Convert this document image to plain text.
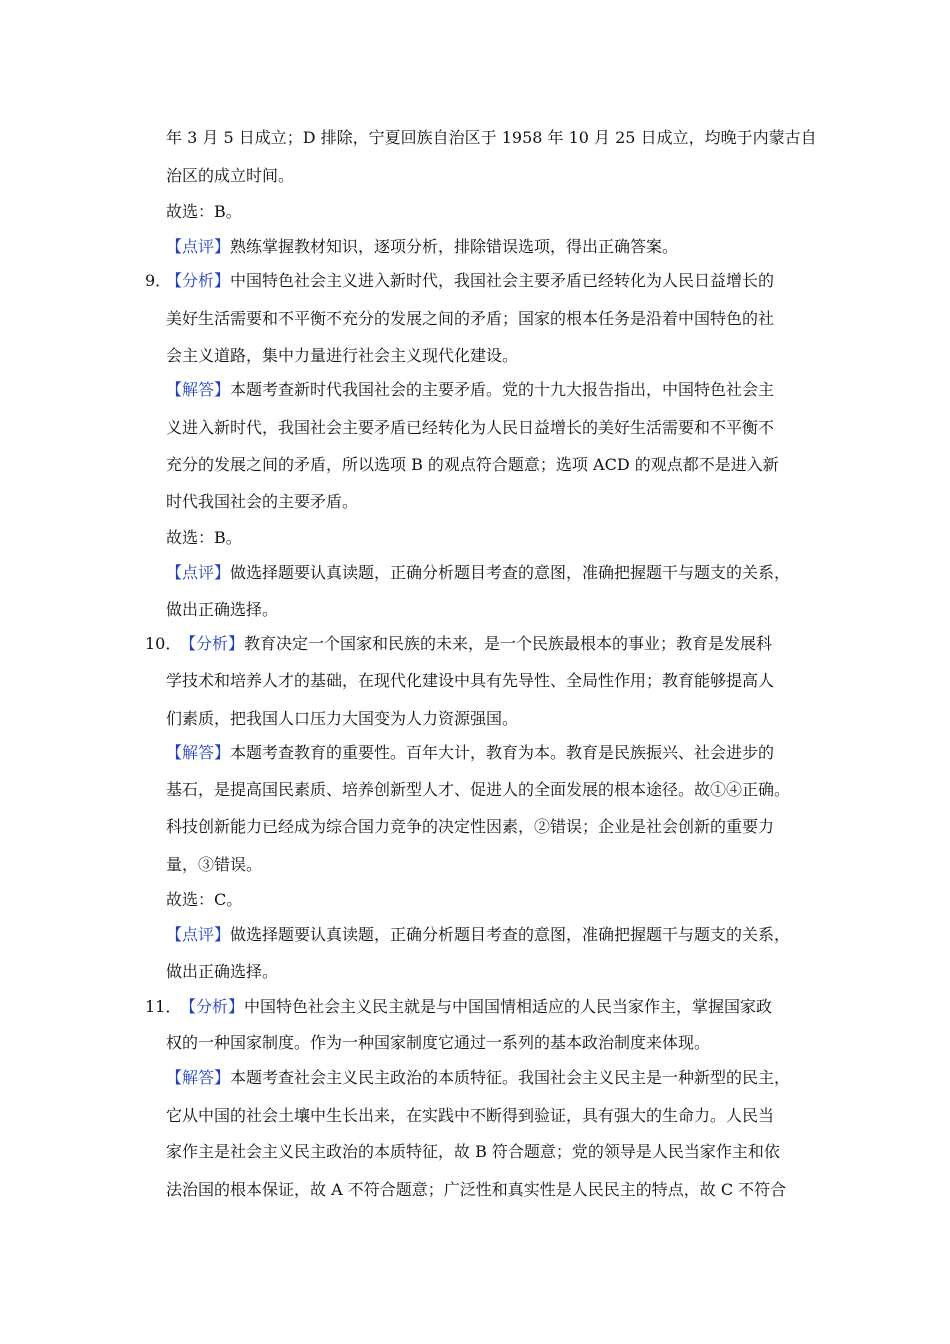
年 3 月 5 日成立；D 排除，宁夏回族自治区于 1958 年 10 月 25 日成立，均晚于内蒙古自
治区的成立时间。
故选：B。
【点评】熟练掌握教材知识，逐项分析，排除错误选项，得出正确答案。
9．
【分析】中国特色社会主义进入新时代，我国社会主要矛盾已经转化为人民日益增长的
美好生活需要和不平衡不充分的发展之间的矛盾；国家的根本任务是沿着中国特色的社
会主义道路，集中力量进行社会主义现代化建设。
【解答】本题考查新时代我国社会的主要矛盾。党的十九大报告指出，中国特色社会主
义进入新时代，我国社会主要矛盾已经转化为人民日益增长的美好生活需要和不平衡不
充分的发展之间的矛盾，所以选项 B 的观点符合题意；选项 ACD 的观点都不是进入新
时代我国社会的主要矛盾。
故选：B。
【点评】做选择题要认真读题，正确分析题目考查的意图，准确把握题干与题支的关系，
做出正确选择。
10．
【分析】教育决定一个国家和民族的未来，是一个民族最根本的事业；教育是发展科
学技术和培养人才的基础，在现代化建设中具有先导性、全局性作用；教育能够提高人
们素质，把我国人口压力大国变为人力资源强国。
【解答】本题考查教育的重要性。百年大计，教育为本。教育是民族振兴、社会进步的
基石，是提高国民素质、培养创新型人才、促进人的全面发展的根本途径。故①④正确。
科技创新能力已经成为综合国力竞争的决定性因素，②错误；企业是社会创新的重要力
量，③错误。
故选：C。
【点评】做选择题要认真读题，正确分析题目考查的意图，准确把握题干与题支的关系，
做出正确选择。
11．
【分析】中国特色社会主义民主就是与中国国情相适应的人民当家作主，掌握国家政
权的一种国家制度。作为一种国家制度它通过一系列的基本政治制度来体现。
【解答】本题考查社会主义民主政治的本质特征。我国社会主义民主是一种新型的民主，
它从中国的社会土壤中生长出来，在实践中不断得到验证，具有强大的生命力。人民当
家作主是社会主义民主政治的本质特征，故 B 符合题意；党的领导是人民当家作主和依
法治国的根本保证，故 A 不符合题意；广泛性和真实性是人民民主的特点，故 C 不符合
